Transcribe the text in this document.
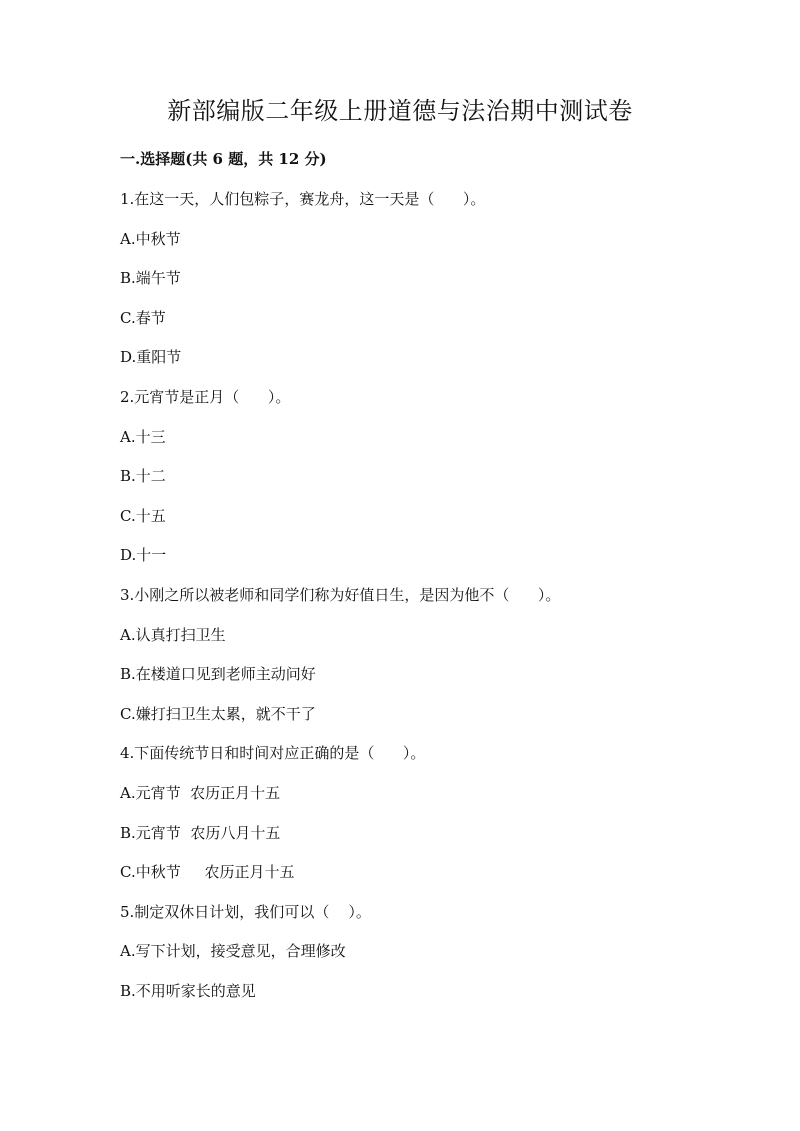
新部编版二年级上册道德与法治期中测试卷
一.选择题(共 6 题，共 12 分)
1.在这一天，人们包粽子，赛龙舟，这一天是（      ）。
A.中秋节
B.端午节
C.春节
D.重阳节
2.元宵节是正月（      ）。
A.十三
B.十二
C.十五
D.十一
3.小刚之所以被老师和同学们称为好值日生，是因为他不（      ）。
A.认真打扫卫生
B.在楼道口见到老师主动问好
C.嫌打扫卫生太累，就不干了
4.下面传统节日和时间对应正确的是（      ）。
A.元宵节  农历正月十五
B.元宵节  农历八月十五
C.中秋节     农历正月十五
5.制定双休日计划，我们可以（    ）。
A.写下计划，接受意见，合理修改
B.不用听家长的意见
